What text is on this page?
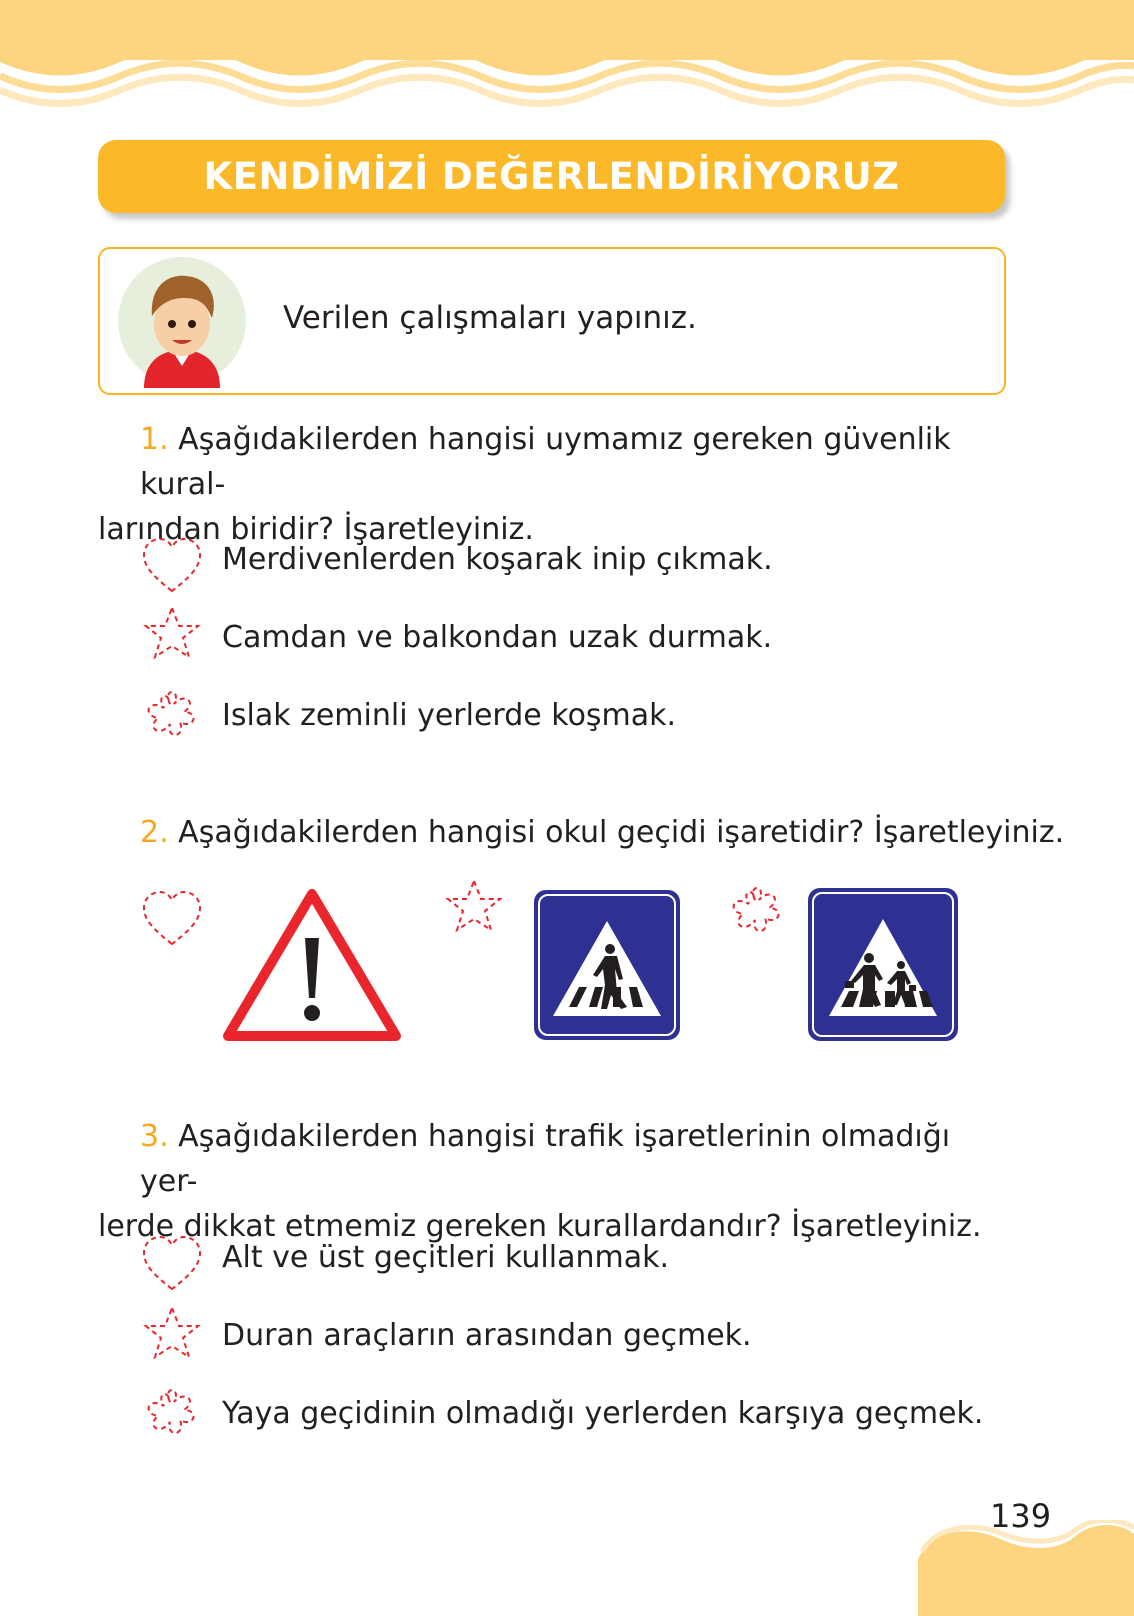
KENDİMİZİ DEĞERLENDİRİYORUZ
Verilen çalışmaları yapınız.
1. Aşağıdakilerden hangisi uymamız gereken güvenlik kural-
larından biridir? İşaretleyiniz.
Merdivenlerden koşarak inip çıkmak.
Camdan ve balkondan uzak durmak.
Islak zeminli yerlerde koşmak.
2. Aşağıdakilerden hangisi okul geçidi işaretidir? İşaretleyiniz.
3. Aşağıdakilerden hangisi trafik işaretlerinin olmadığı yer-
lerde dikkat etmemiz gereken kurallardandır? İşaretleyiniz.
Alt ve üst geçitleri kullanmak.
Duran araçların arasından geçmek.
Yaya geçidinin olmadığı yerlerden karşıya geçmek.
139
